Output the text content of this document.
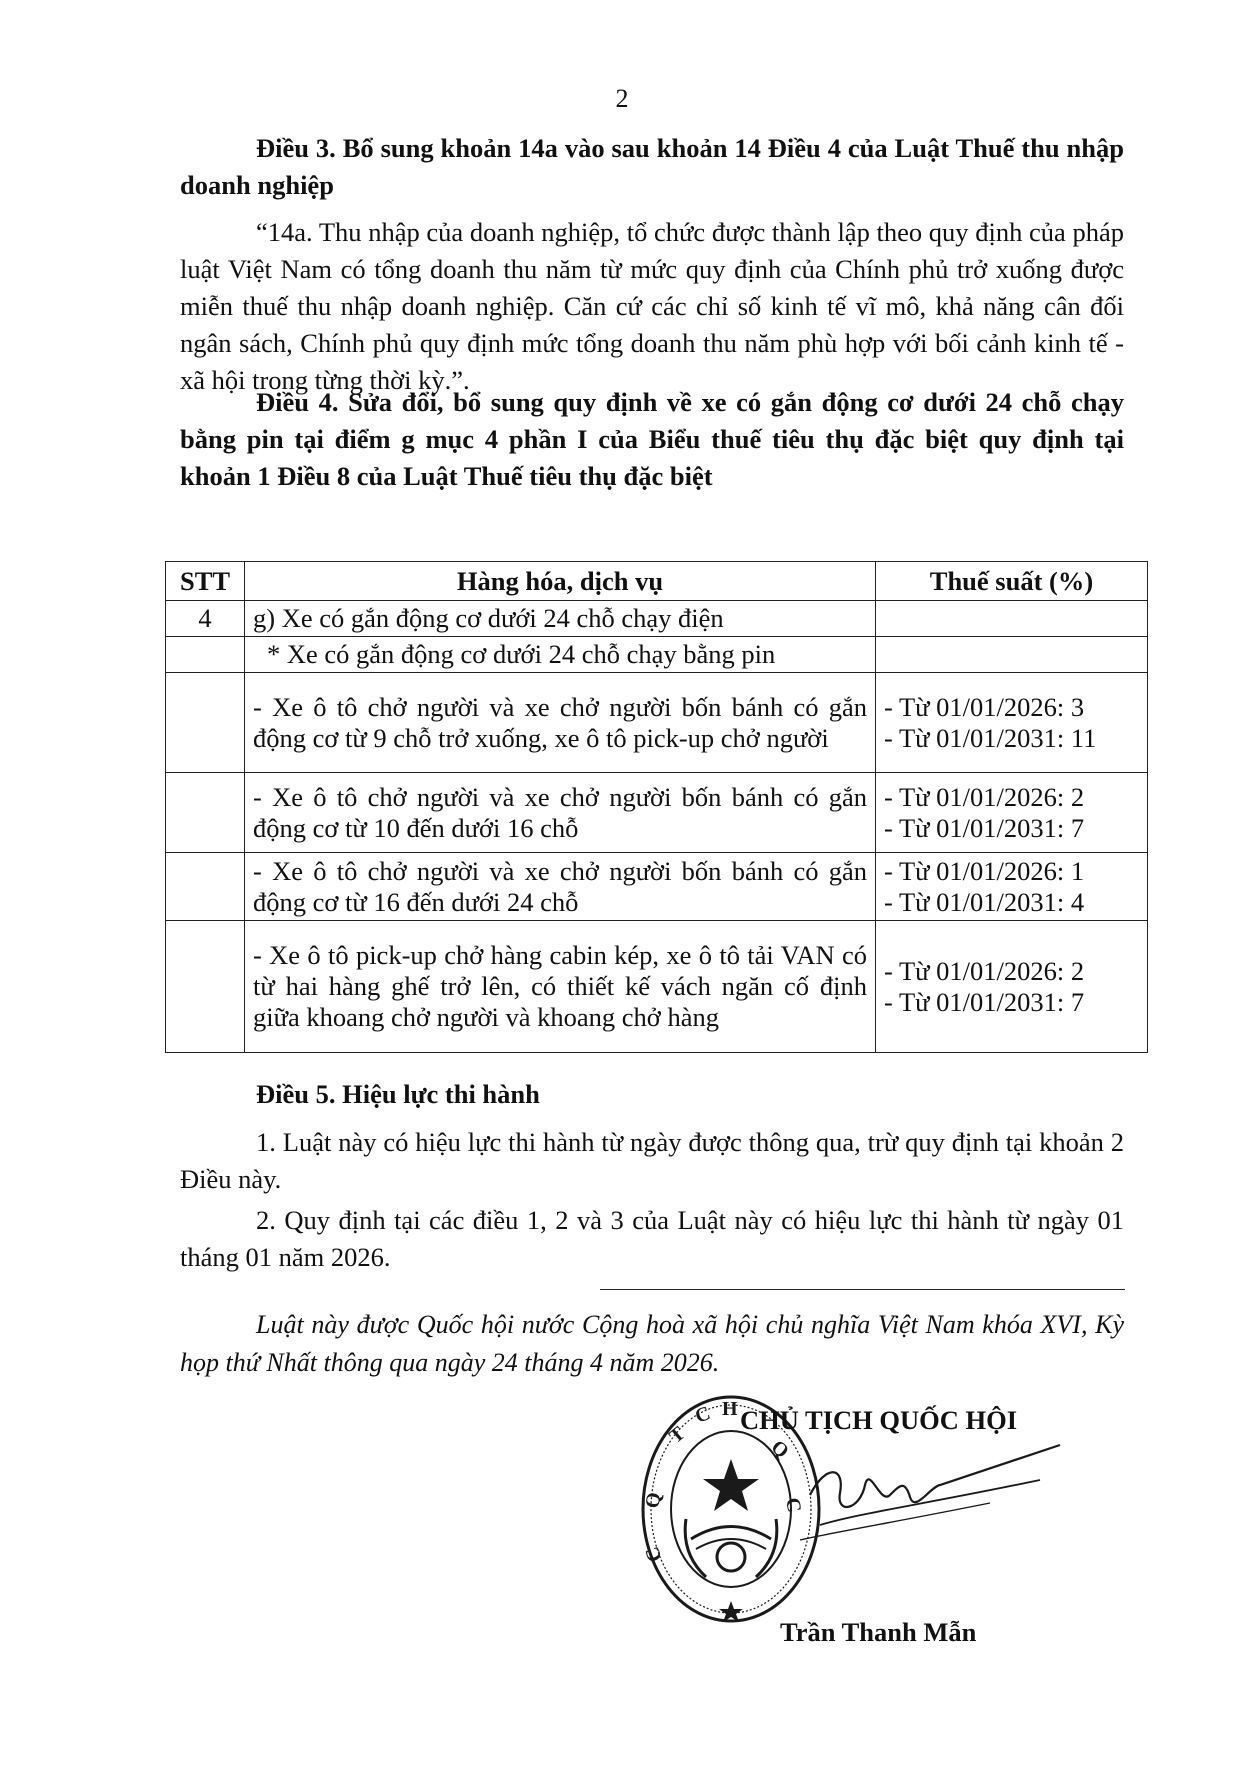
2
Điều 3. Bổ sung khoản 14a vào sau khoản 14 Điều 4 của Luật Thuế thu nhập doanh nghiệp
“14a. Thu nhập của doanh nghiệp, tổ chức được thành lập theo quy định của pháp luật Việt Nam có tổng doanh thu năm từ mức quy định của Chính phủ trở xuống được miễn thuế thu nhập doanh nghiệp. Căn cứ các chỉ số kinh tế vĩ mô, khả năng cân đối ngân sách, Chính phủ quy định mức tổng doanh thu năm phù hợp với bối cảnh kinh tế - xã hội trong từng thời kỳ.”.
Điều 4. Sửa đổi, bổ sung quy định về xe có gắn động cơ dưới 24 chỗ chạy bằng pin tại điểm g mục 4 phần I của Biểu thuế tiêu thụ đặc biệt quy định tại khoản 1 Điều 8 của Luật Thuế tiêu thụ đặc biệt
STT	Hàng hóa, dịch vụ	Thuế suất (%)
4	g) Xe có gắn động cơ dưới 24 chỗ chạy điện	
	* Xe có gắn động cơ dưới 24 chỗ chạy bằng pin	
	- Xe ô tô chở người và xe chở người bốn bánh có gắn động cơ từ 9 chỗ trở xuống, xe ô tô pick-up chở người	- Từ 01/01/2026: 3
- Từ 01/01/2031: 11

	- Xe ô tô chở người và xe chở người bốn bánh có gắn động cơ từ 10 đến dưới 16 chỗ	- Từ 01/01/2026: 2
- Từ 01/01/2031: 7

	- Xe ô tô chở người và xe chở người bốn bánh có gắn động cơ từ 16 đến dưới 24 chỗ	- Từ 01/01/2026: 1
- Từ 01/01/2031: 4

	- Xe ô tô pick-up chở hàng cabin kép, xe ô tô tải VAN có từ hai hàng ghế trở lên, có thiết kế vách ngăn cố định giữa khoang chở người và khoang chở hàng	- Từ 01/01/2026: 2
- Từ 01/01/2031: 7
Điều 5. Hiệu lực thi hành
1. Luật này có hiệu lực thi hành từ ngày được thông qua, trừ quy định tại khoản 2 Điều này.
2. Quy định tại các điều 1, 2 và 3 của Luật này có hiệu lực thi hành từ ngày 01 tháng 01 năm 2026.
Luật này được Quốc hội nước Cộng hoà xã hội chủ nghĩa Việt Nam khóa XVI, Kỳ họp thứ Nhất thông qua ngày 24 tháng 4 năm 2026.
T
C H
Q
C
Q
C
CHỦ TỊCH QUỐC HỘI
Trần Thanh Mẫn
